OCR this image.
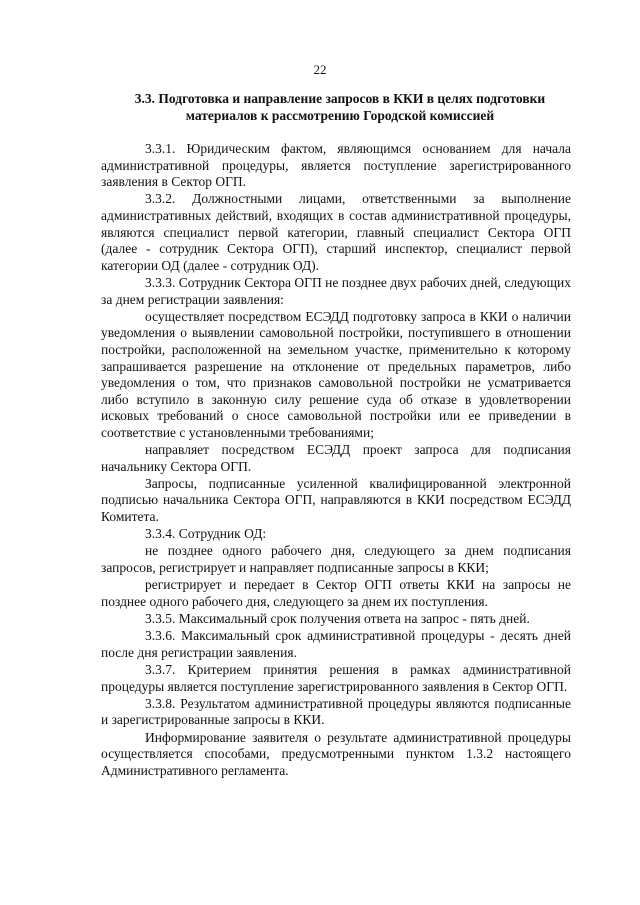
22
3.3. Подготовка и направление запросов в ККИ в целях подготовки
материалов к рассмотрению Городской комиссией

3.3.1. Юридическим фактом, являющимся основанием для начала административной процедуры, является поступление зарегистрированного заявления в Сектор ОГП.

3.3.2. Должностными лицами, ответственными за выполнение административных действий, входящих в состав административной процедуры, являются специалист первой категории, главный специалист Сектора ОГП (далее - сотрудник Сектора ОГП), старший инспектор, специалист первой категории ОД (далее - сотрудник ОД).

3.3.3. Сотрудник Сектора ОГП не позднее двух рабочих дней, следующих за днем регистрации заявления:

осуществляет посредством ЕСЭДД подготовку запроса в ККИ о наличии уведомления о выявлении самовольной постройки, поступившего в отношении постройки, расположенной на земельном участке, применительно к которому запрашивается разрешение на отклонение от предельных параметров, либо уведомления о том, что признаков самовольной постройки не усматривается либо вступило в законную силу решение суда об отказе в удовлетворении исковых требований о сносе самовольной постройки или ее приведении в соответствие с установленными требованиями;

направляет посредством ЕСЭДД проект запроса для подписания начальнику Сектора ОГП.

Запросы, подписанные усиленной квалифицированной электронной подписью начальника Сектора ОГП, направляются в ККИ посредством ЕСЭДД Комитета.

3.3.4. Сотрудник ОД:

не позднее одного рабочего дня, следующего за днем подписания запросов, регистрирует и направляет подписанные запросы в ККИ;

регистрирует и передает в Сектор ОГП ответы ККИ на запросы не позднее одного рабочего дня, следующего за днем их поступления.

3.3.5. Максимальный срок получения ответа на запрос - пять дней.

3.3.6. Максимальный срок административной процедуры - десять дней после дня регистрации заявления.

3.3.7. Критерием принятия решения в рамках административной процедуры является поступление зарегистрированного заявления в Сектор ОГП.

3.3.8. Результатом административной процедуры являются подписанные и зарегистрированные запросы в ККИ.

Информирование заявителя о результате административной процедуры осуществляется способами, предусмотренными пунктом 1.3.2 настоящего Административного регламента.
